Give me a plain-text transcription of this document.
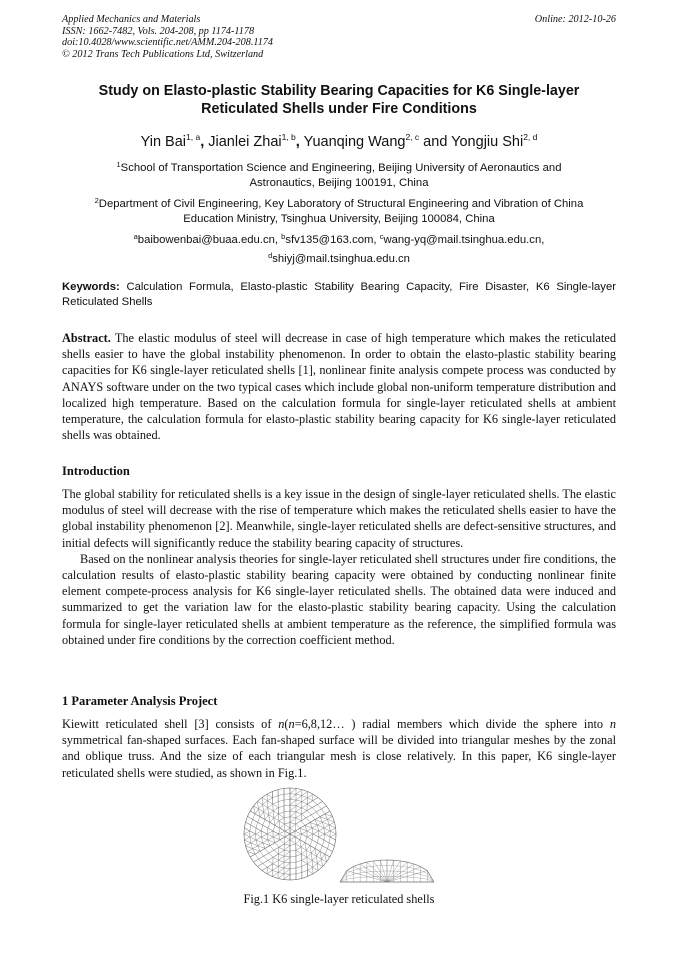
Applied Mechanics and Materials
ISSN: 1662-7482, Vols. 204-208, pp 1174-1178
doi:10.4028/www.scientific.net/AMM.204-208.1174
© 2012 Trans Tech Publications Ltd, Switzerland
Online: 2012-10-26
Study on Elasto-plastic Stability Bearing Capacities for K6 Single-layer
Reticulated Shells under Fire Conditions
Yin Bai$^{1, a}$, Jianlei Zhai$^{1, b}$, Yuanqing Wang$^{2, c}$ and Yongjiu Shi$^{2, d}$
$^1$School of Transportation Science and Engineering, Beijing University of Aeronautics and
Astronautics, Beijing 100191, China
$^2$Department of Civil Engineering, Key Laboratory of Structural Engineering and Vibration of China
Education Ministry, Tsinghua University, Beijing 100084, China
$^a$baibowenbai@buaa.edu.cn, $^b$sfv135@163.com, $^c$wang-yq@mail.tsinghua.edu.cn,
$^d$shiyj@mail.tsinghua.edu.cn
Keywords: Calculation Formula, Elasto-plastic Stability Bearing Capacity, Fire Disaster, K6 Single-layer Reticulated Shells

Abstract. The elastic modulus of steel will decrease in case of high temperature which makes the reticulated shells easier to have the global instability phenomenon. In order to obtain the elasto-plastic stability bearing capacities for K6 single-layer reticulated shells [1], nonlinear finite analysis compete process was conducted by ANAYS software under on the two typical cases which include global non-uniform temperature distribution and localized high temperature. Based on the calculation formula for single-layer reticulated shells at ambient temperature, the calculation formula for elasto-plastic stability bearing capacity for K6 single-layer reticulated shells was obtained.

Introduction

The global stability for reticulated shells is a key issue in the design of single-layer reticulated shells. The elastic modulus of steel will decrease with the rise of temperature which makes the reticulated shells easier to have the global instability phenomenon [2]. Meanwhile, single-layer reticulated shells are defect-sensitive structures, and initial defects will significantly reduce the stability bearing capacity of structures.

Based on the nonlinear analysis theories for single-layer reticulated shell structures under fire conditions, the calculation results of elasto-plastic stability bearing capacity were obtained by conducting nonlinear finite element compete-process analysis for K6 single-layer reticulated shells. The obtained data were induced and summarized to get the variation law for the elasto-plastic stability bearing capacity. Using the calculation formula for single-layer reticulated shells at ambient temperature as the reference, the simplified formula was obtained under fire conditions by the correction coefficient method.

1 Parameter Analysis Project

Kiewitt reticulated shell [3] consists of n(n=6,8,12… ) radial members which divide the sphere into n symmetrical fan-shaped surfaces. Each fan-shaped surface will be divided into triangular meshes by the zonal and oblique truss. And the size of each triangular mesh is close relatively. In this paper, K6 single-layer reticulated shells were studied, as shown in Fig.1.

Fig.1 K6 single-layer reticulated shells
